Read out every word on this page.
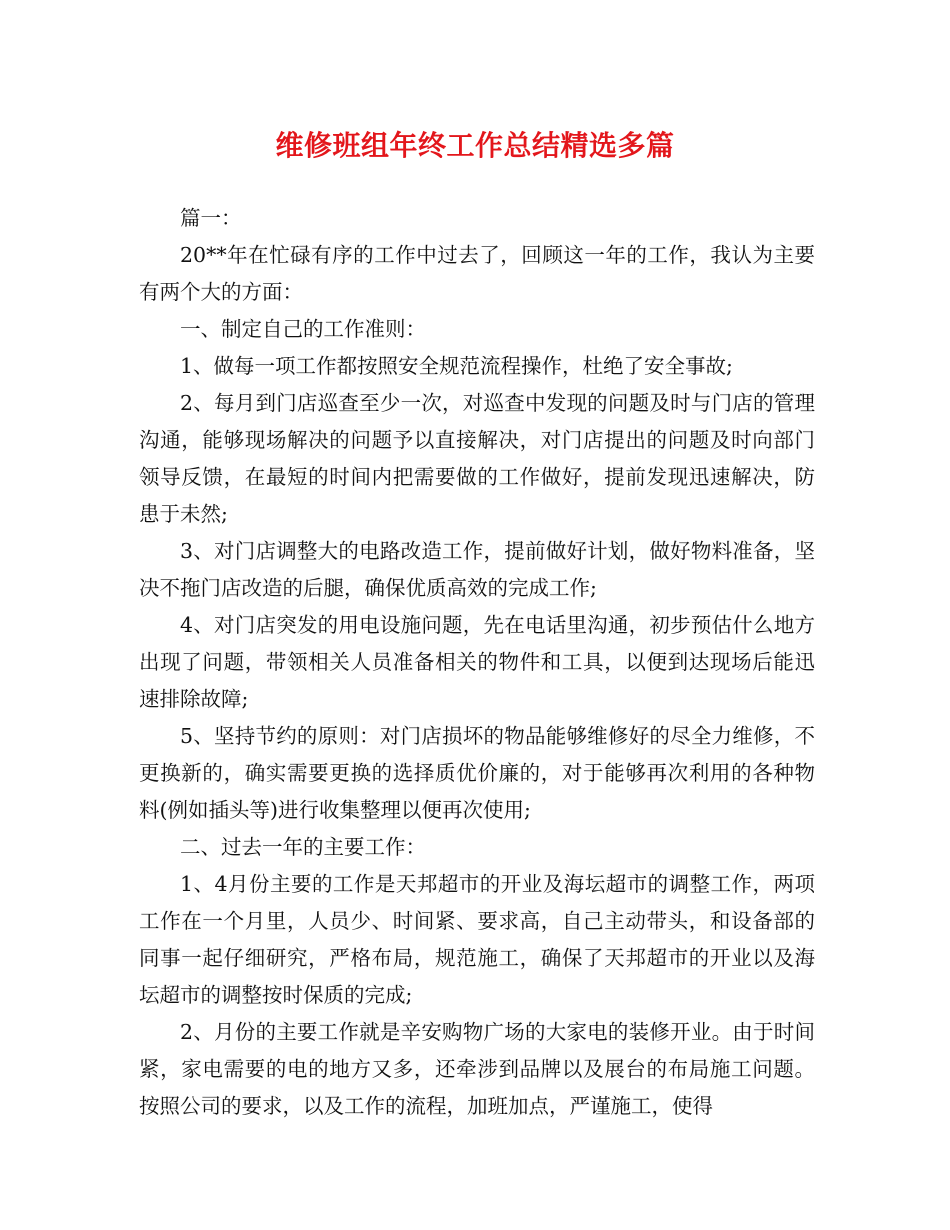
维修班组年终工作总结精选多篇

篇一：

20**年在忙碌有序的工作中过去了，回顾这一年的工作，我认为主要有两个大的方面：

一、制定自己的工作准则：

1、做每一项工作都按照安全规范流程操作，杜绝了安全事故;

2、每月到门店巡查至少一次，对巡查中发现的问题及时与门店的管理沟通，能够现场解决的问题予以直接解决，对门店提出的问题及时向部门领导反馈，在最短的时间内把需要做的工作做好，提前发现迅速解决，防患于未然;

3、对门店调整大的电路改造工作，提前做好计划，做好物料准备，坚决不拖门店改造的后腿，确保优质高效的完成工作;

4、对门店突发的用电设施问题，先在电话里沟通，初步预估什么地方出现了问题，带领相关人员准备相关的物件和工具，以便到达现场后能迅速排除故障;

5、坚持节约的原则：对门店损坏的物品能够维修好的尽全力维修，不更换新的，确实需要更换的选择质优价廉的，对于能够再次利用的各种物料(例如插头等)进行收集整理以便再次使用;

二、过去一年的主要工作：

1、4月份主要的工作是天邦超市的开业及海坛超市的调整工作，两项工作在一个月里，人员少、时间紧、要求高，自己主动带头，和设备部的同事一起仔细研究，严格布局，规范施工，确保了天邦超市的开业以及海坛超市的调整按时保质的完成;

2、月份的主要工作就是辛安购物广场的大家电的装修开业。由于时间紧，家电需要的电的地方又多，还牵涉到品牌以及展台的布局施工问题。按照公司的要求，以及工作的流程，加班加点，严谨施工，使得
